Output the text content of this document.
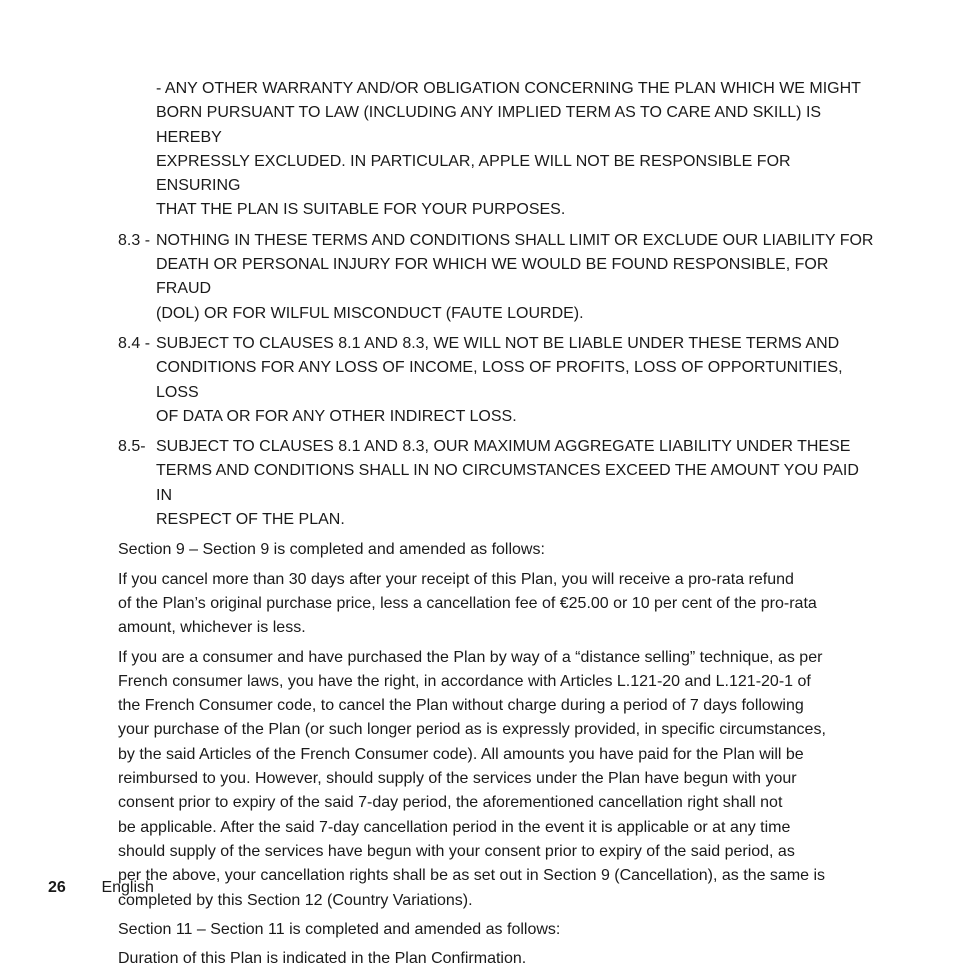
- ANY OTHER WARRANTY AND/OR OBLIGATION CONCERNING THE PLAN WHICH WE MIGHT
BORN PURSUANT TO LAW (INCLUDING ANY IMPLIED TERM AS TO CARE AND SKILL) IS HEREBY
EXPRESSLY EXCLUDED. IN PARTICULAR, APPLE WILL NOT BE RESPONSIBLE FOR ENSURING
THAT THE PLAN IS SUITABLE FOR YOUR PURPOSES.
8.3 - NOTHING IN THESE TERMS AND CONDITIONS SHALL LIMIT OR EXCLUDE OUR LIABILITY FOR
DEATH OR PERSONAL INJURY FOR WHICH WE WOULD BE FOUND RESPONSIBLE, FOR FRAUD
(DOL) OR FOR WILFUL MISCONDUCT (FAUTE LOURDE).
8.4 - SUBJECT TO CLAUSES 8.1 AND 8.3, WE WILL NOT BE LIABLE UNDER THESE TERMS AND
CONDITIONS FOR ANY LOSS OF INCOME, LOSS OF PROFITS, LOSS OF OPPORTUNITIES, LOSS
OF DATA OR FOR ANY OTHER INDIRECT LOSS.
8.5- SUBJECT TO CLAUSES 8.1 AND 8.3, OUR MAXIMUM AGGREGATE LIABILITY UNDER THESE
TERMS AND CONDITIONS SHALL IN NO CIRCUMSTANCES EXCEED THE AMOUNT YOU PAID IN
RESPECT OF THE PLAN.

Section 9 – Section 9 is completed and amended as follows:

If you cancel more than 30 days after your receipt of this Plan, you will receive a pro-rata refund
of the Plan’s original purchase price, less a cancellation fee of €25.00 or 10 per cent of the pro-rata
amount, whichever is less.

If you are a consumer and have purchased the Plan by way of a “distance selling” technique, as per
French consumer laws, you have the right, in accordance with Articles L.121-20 and L.121-20-1 of
the French Consumer code, to cancel the Plan without charge during a period of 7 days following
your purchase of the Plan (or such longer period as is expressly provided, in specific circumstances,
by the said Articles of the French Consumer code). All amounts you have paid for the Plan will be
reimbursed to you. However, should supply of the services under the Plan have begun with your
consent prior to expiry of the said 7-day period, the aforementioned cancellation right shall not
be applicable. After the said 7-day cancellation period in the event it is applicable or at any time
should supply of the services have begun with your consent prior to expiry of the said period, as
per the above, your cancellation rights shall be as set out in Section 9 (Cancellation), as the same is
completed by this Section 12 (Country Variations).

Section 11 – Section 11 is completed and amended as follows:

Duration of this Plan is indicated in the Plan Confirmation.

26 English
